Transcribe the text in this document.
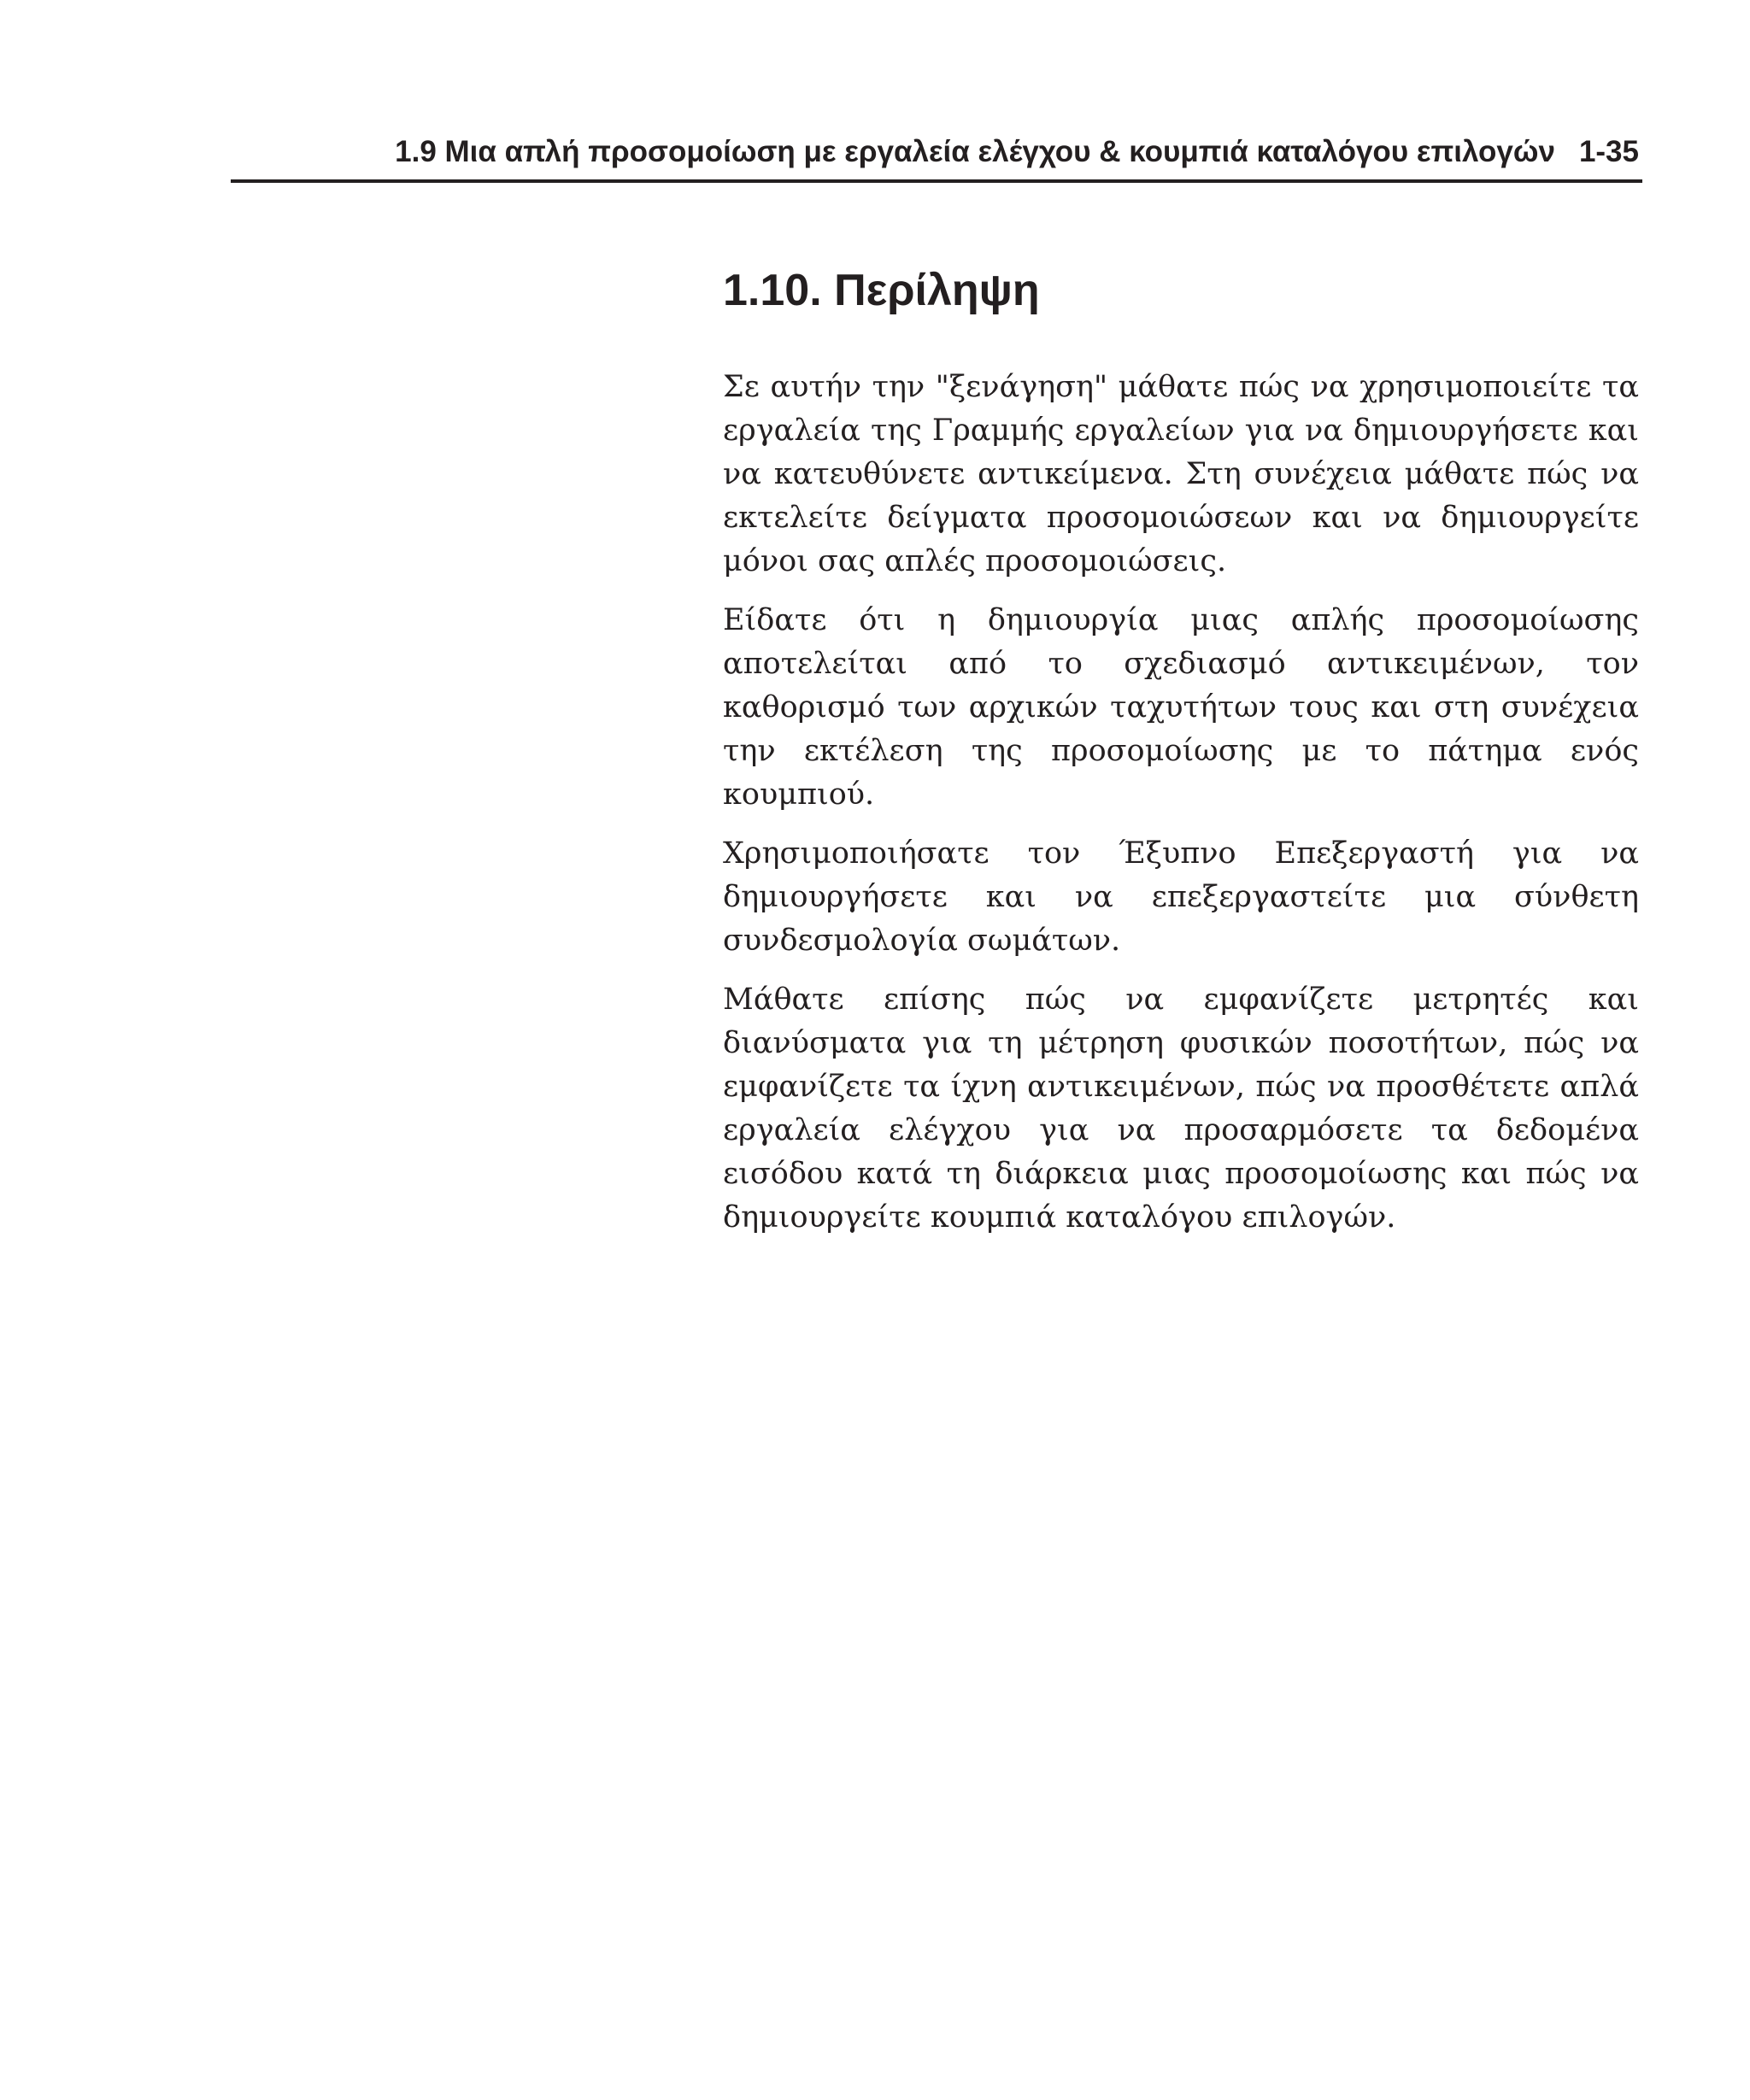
1.9 Μια απλή προσομοίωση με εργαλεία ελέγχου & κουμπιά καταλόγου επιλογών 1-35
1.10. Περίληψη

Σε αυτήν την "ξενάγηση" μάθατε πώς να χρησιμοποιείτε τα εργαλεία της Γραμμής εργαλείων για να δημιουργήσετε και να κατευθύνετε αντικείμενα. Στη συνέχεια μάθατε πώς να εκτελείτε δείγματα προσομοιώσεων και να δημιουργείτε μόνοι σας απλές προσομοιώσεις.

Είδατε ότι η δημιουργία μιας απλής προσομοίωσης αποτελείται από το σχεδιασμό αντικειμένων, τον καθορισμό των αρχικών ταχυτήτων τους και στη συνέχεια την εκτέλεση της προσομοίωσης με το πάτημα ενός κουμπιού.

Χρησιμοποιήσατε τον Έξυπνο Επεξεργαστή για να δημιουργήσετε και να επεξεργαστείτε μια σύνθετη συνδεσμολογία σωμάτων.

Μάθατε επίσης πώς να εμφανίζετε μετρητές και διανύσματα για τη μέτρηση φυσικών ποσοτήτων, πώς να εμφανίζετε τα ίχνη αντικειμένων, πώς να προσθέτετε απλά εργαλεία ελέγχου για να προσαρμόσετε τα δεδομένα εισόδου κατά τη διάρκεια μιας προσομοίωσης και πώς να δημιουργείτε κουμπιά καταλόγου επιλογών.
